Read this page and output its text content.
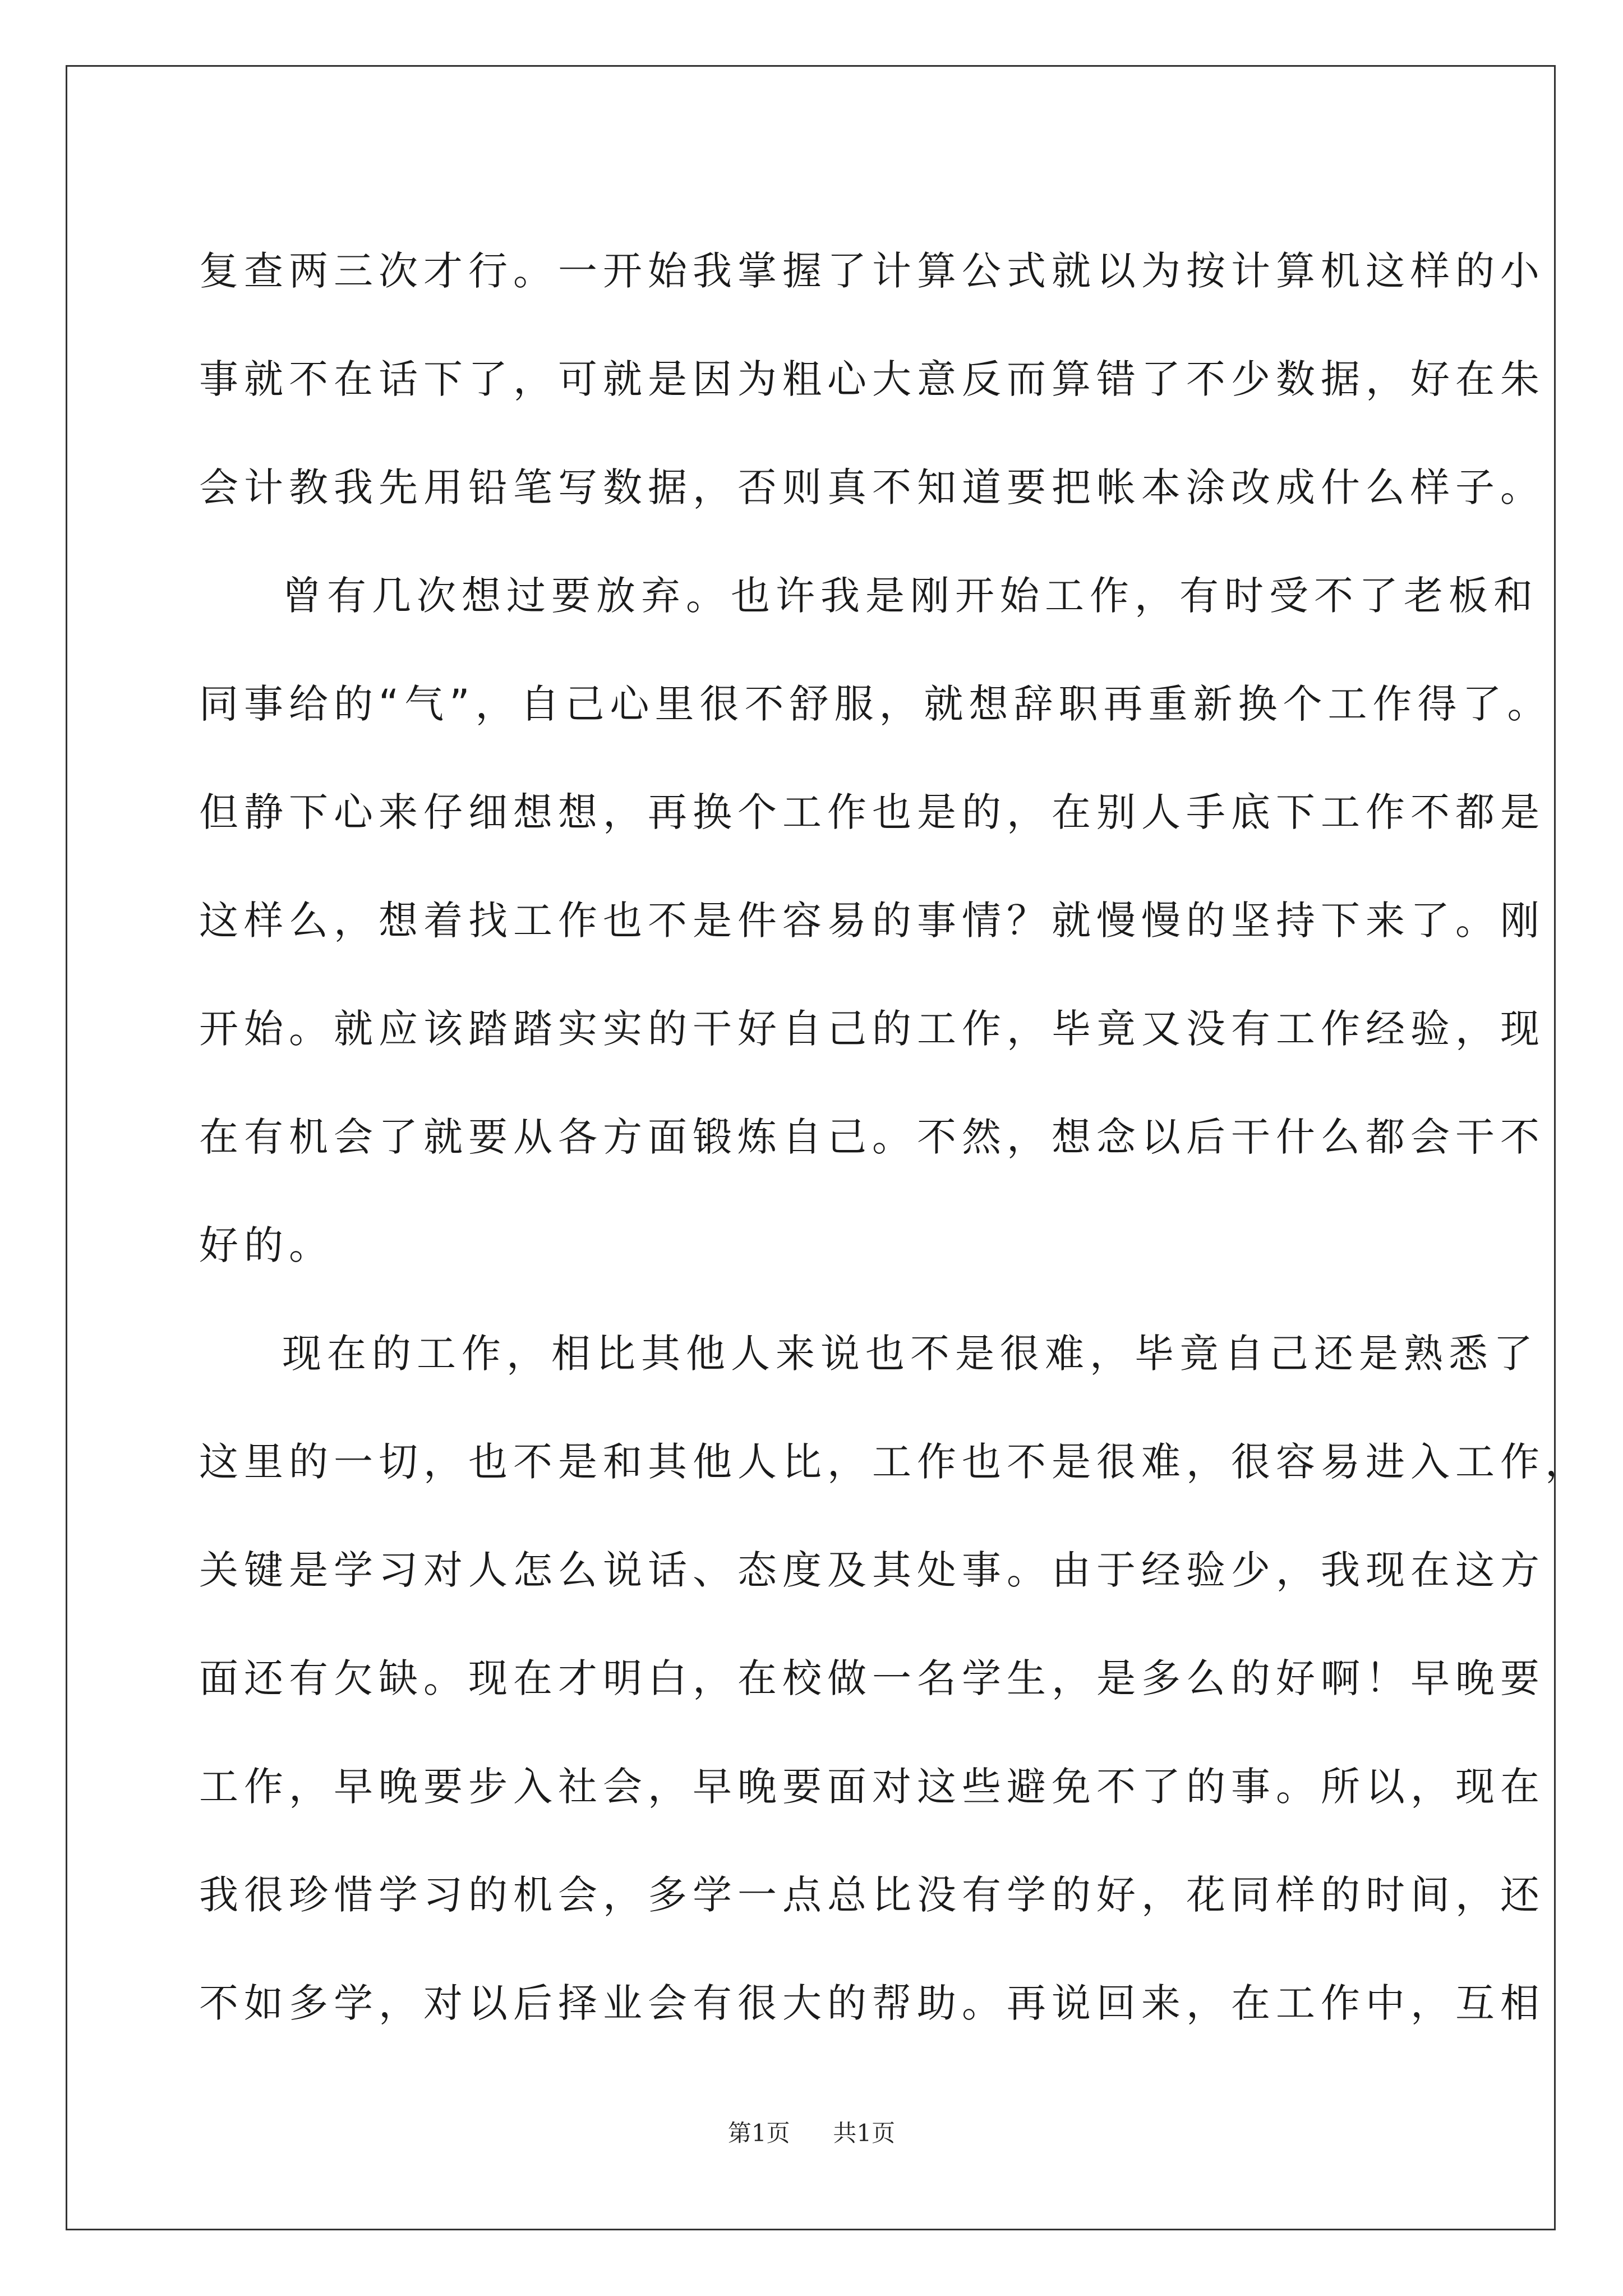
复查两三次才行。一开始我掌握了计算公式就以为按计算机这样的小
事就不在话下了，可就是因为粗心大意反而算错了不少数据，好在朱
会计教我先用铅笔写数据，否则真不知道要把帐本涂改成什么样子。
曾有几次想过要放弃。也许我是刚开始工作，有时受不了老板和
同事给的“气”，自己心里很不舒服，就想辞职再重新换个工作得了。
但静下心来仔细想想，再换个工作也是的，在别人手底下工作不都是
这样么，想着找工作也不是件容易的事情？就慢慢的坚持下来了。刚
开始。就应该踏踏实实的干好自己的工作，毕竟又没有工作经验，现
在有机会了就要从各方面锻炼自己。不然，想念以后干什么都会干不
好的。
现在的工作，相比其他人来说也不是很难，毕竟自己还是熟悉了
这里的一切，也不是和其他人比，工作也不是很难，很容易进入工作，
关键是学习对人怎么说话、态度及其处事。由于经验少，我现在这方
面还有欠缺。现在才明白，在校做一名学生，是多么的好啊！早晚要
工作，早晚要步入社会，早晚要面对这些避免不了的事。所以，现在
我很珍惜学习的机会，多学一点总比没有学的好，花同样的时间，还
不如多学，对以后择业会有很大的帮助。再说回来，在工作中，互相
第1页 共1页
